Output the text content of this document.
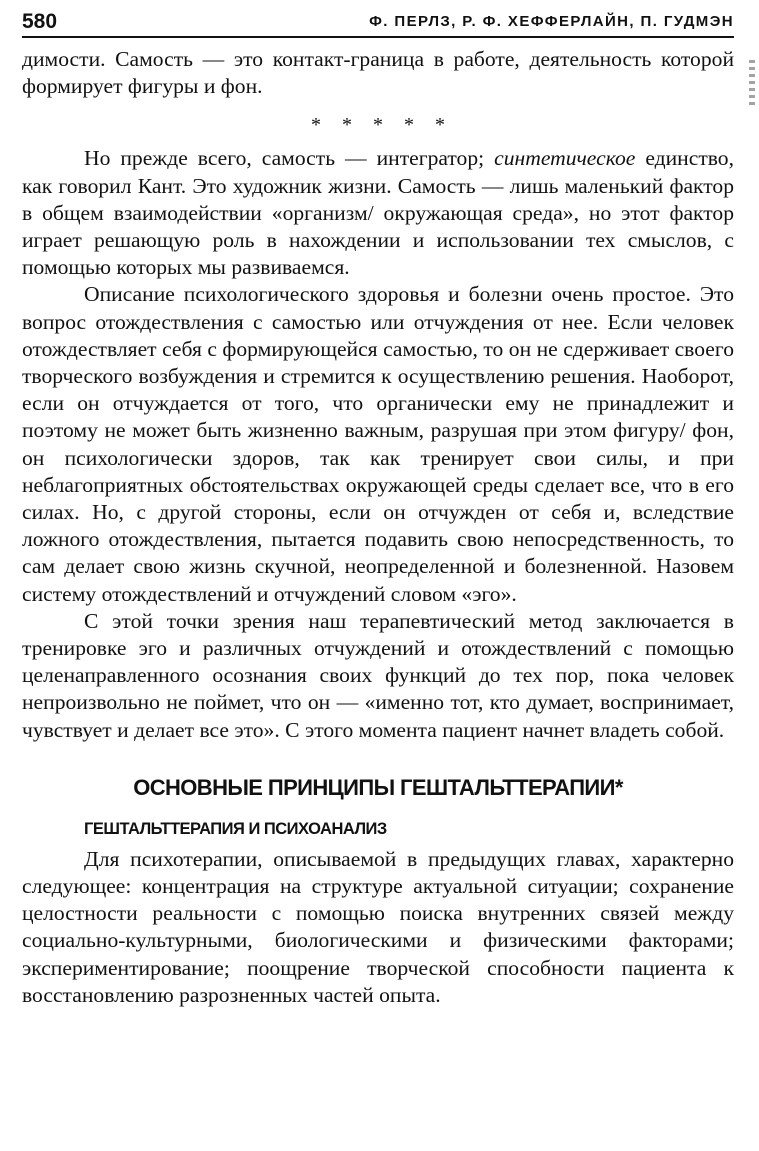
580	Ф. ПЕРЛЗ, Р. Ф. ХЕФФЕРЛАЙН, П. ГУДМЭН

димости. Самость — это контакт-граница в работе, деятельность которой формирует фигуры и фон.

* * * * *

Но прежде всего, самость — интегратор; синтетическое единство, как говорил Кант. Это художник жизни. Самость — лишь маленький фактор в общем взаимодействии «организм/ окружающая среда», но этот фактор играет решающую роль в нахождении и использовании тех смыслов, с помощью которых мы развиваемся.

Описание психологического здоровья и болезни очень простое. Это вопрос отождествления с самостью или отчуждения от нее. Если человек отождествляет себя с формирующейся самостью, то он не сдерживает своего творческого возбуждения и стремится к осуществлению решения. Наоборот, если он отчуждается от того, что органически ему не принадлежит и поэтому не может быть жизненно важным, разрушая при этом фигуру/ фон, он психологически здоров, так как тренирует свои силы, и при неблагоприятных обстоятельствах окружающей среды сделает все, что в его силах. Но, с другой стороны, если он отчужден от себя и, вследствие ложного отождествления, пытается подавить свою непосредственность, то сам делает свою жизнь скучной, неопределенной и болезненной. Назовем систему отождествлений и отчуждений словом «эго».

С этой точки зрения наш терапевтический метод заключается в тренировке эго и различных отчуждений и отождествлений с помощью целенаправленного осознания своих функций до тех пор, пока человек непроизвольно не поймет, что он — «именно тот, кто думает, воспринимает, чувствует и делает все это». С этого момента пациент начнет владеть собой.

ОСНОВНЫЕ ПРИНЦИПЫ ГЕШТАЛЬТТЕРАПИИ*
ГЕШТАЛЬТТЕРАПИЯ И ПСИХОАНАЛИЗ

Для психотерапии, описываемой в предыдущих главах, характерно следующее: концентрация на структуре актуальной ситуации; сохранение целостности реальности с помощью поиска внутренних связей между социально-культурными, биологическими и физическими факторами; экспериментирование; поощрение творческой способности пациента к восстановлению разрозненных частей опыта.
